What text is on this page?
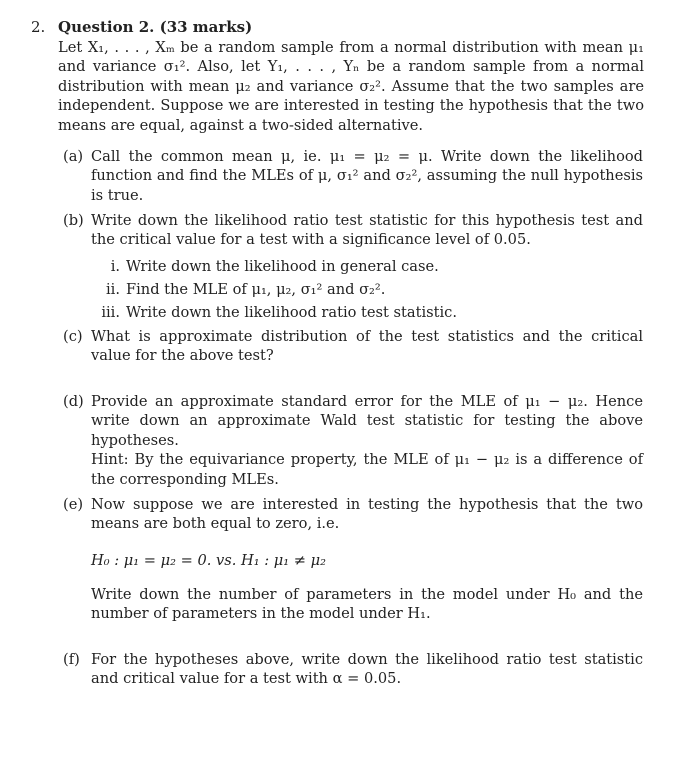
2. Question 2. (33 marks)
Let X₁, . . . , Xₘ be a random sample from a normal distribution with mean μ₁ and variance σ₁². Also, let Y₁, . . . , Yₙ be a random sample from a normal distribution with mean μ₂ and variance σ₂². Assume that the two samples are independent. Suppose we are interested in testing the hypothesis that the two means are equal, against a two-sided alternative.
(a) Call the common mean μ, ie. μ₁ = μ₂ = μ. Write down the likelihood function and find the MLEs of μ, σ₁² and σ₂², assuming the null hypothesis is true.
(b) Write down the likelihood ratio test statistic for this hypothesis test and the critical value for a test with a significance level of 0.05.
i. Write down the likelihood in general case.
ii. Find the MLE of μ₁, μ₂, σ₁² and σ₂².
iii. Write down the likelihood ratio test statistic.
(c) What is approximate distribution of the test statistics and the critical value for the above test?
(d) Provide an approximate standard error for the MLE of μ₁ − μ₂. Hence write down an approximate Wald test statistic for testing the above hypotheses.
Hint: By the equivariance property, the MLE of μ₁ − μ₂ is a difference of the corresponding MLEs.
(e) Now suppose we are interested in testing the hypothesis that the two means are both equal to zero, i.e.
H₀ : μ₁ = μ₂ = 0. vs. H₁ : μ₁ ≠ μ₂
Write down the number of parameters in the model under H₀ and the number of parameters in the model under H₁.
(f) For the hypotheses above, write down the likelihood ratio test statistic and critical value for a test with α = 0.05.
